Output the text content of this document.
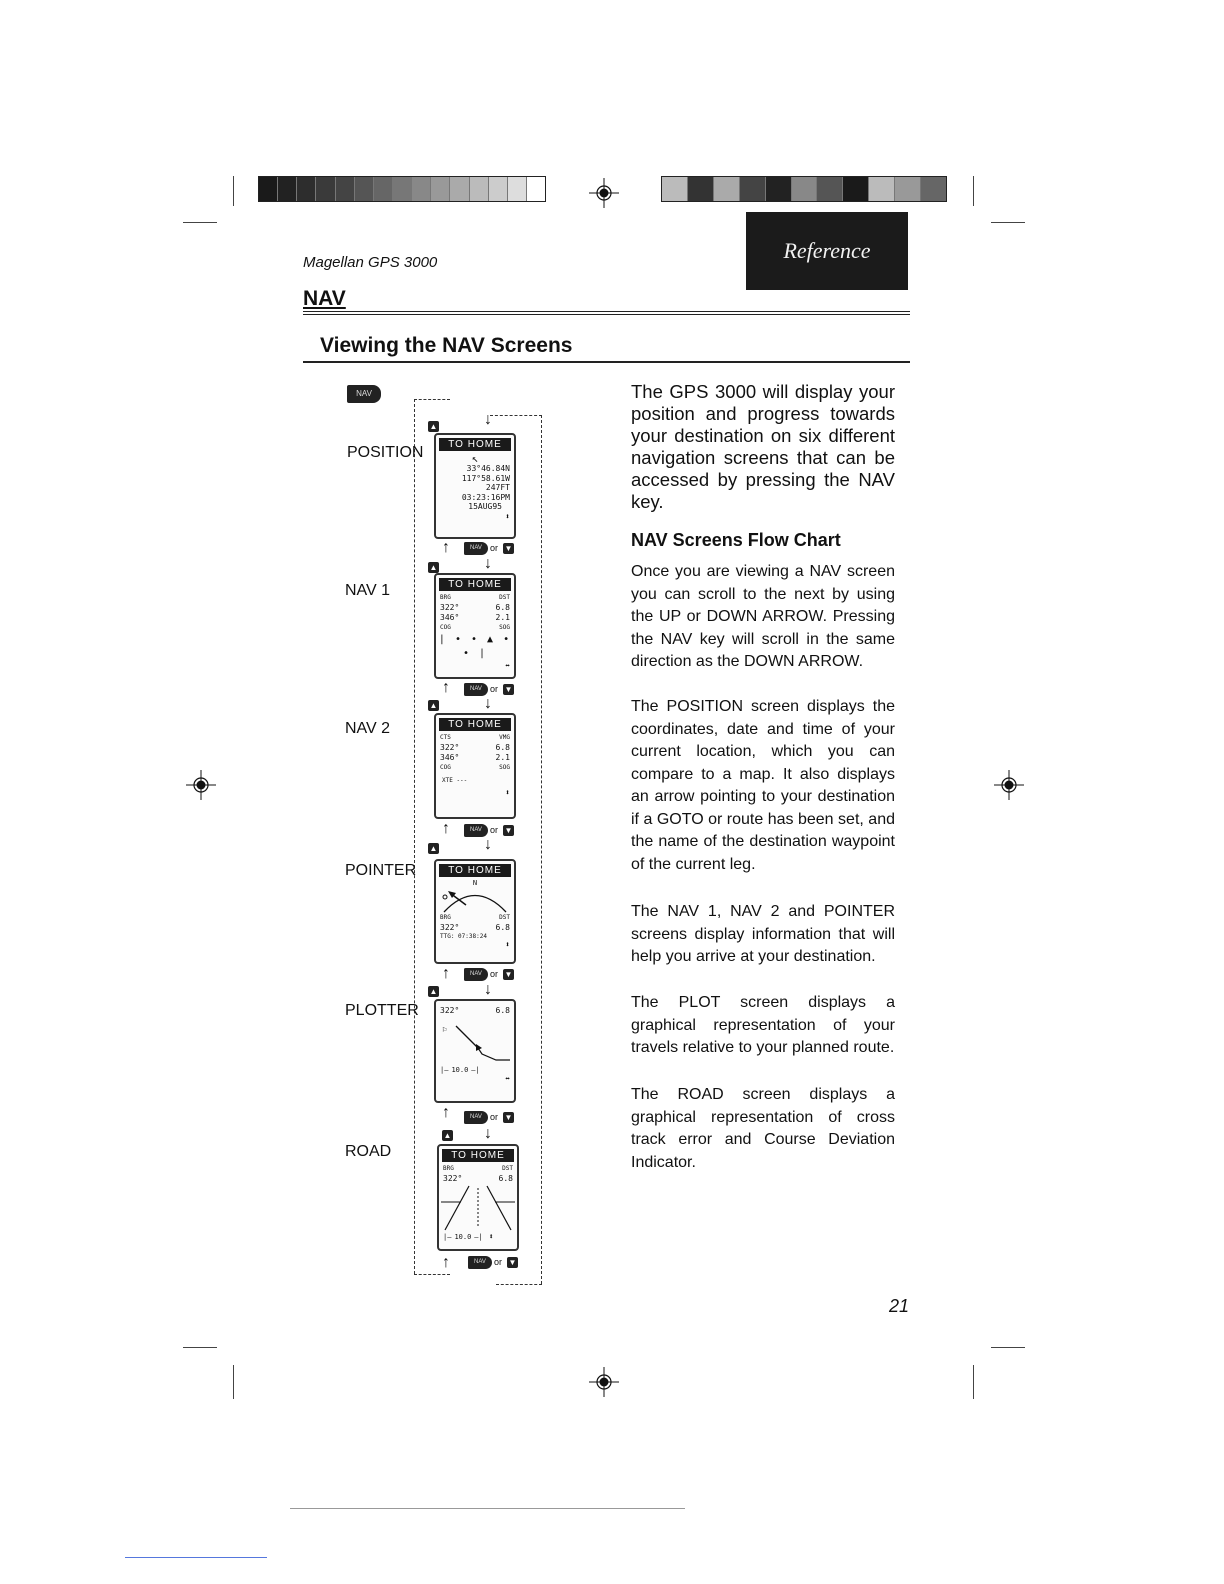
Magellan GPS 3000	Reference
NAV
Viewing the NAV Screens
NAV
POSITION
NAV 1
NAV 2
POINTER
PLOTTER
ROAD
▲	↓
TO HOME
↖
33°46.84N
117°58.61W
247FT
03:23:16PM
15AUG95
⬍
↑	NAV or ▼
▲	↓
TO HOME
BRG	DST
322°	6.8
346°	2.1
COG	SOG
| • • ▲ • • |
⬌
↑	NAV or ▼
▲	↓
TO HOME
CTS	VMG
322°	6.8
346°	2.1
COG	SOG
XTE ---
⬍
↑	NAV or ▼
▲	↓
TO HOME
N
BRG	DST
322°	6.8
TTG: 07:38:24
⬍
↑	NAV or ▼
▲	↓
322°	6.8
⚐
|— 10.0 —|
⬌
↑	NAV or ▼
▲ ↓
TO HOME
BRG	DST
322°	6.8
|— 10.0 —| ⬍
↑	NAV or ▼
The GPS 3000 will display your position and progress towards your destination on six different navigation screens that can be accessed by pressing the NAV key.
NAV Screens Flow Chart
Once you are viewing a NAV screen you can scroll to the next by using the UP or DOWN ARROW. Pressing the NAV key will scroll in the same direction as the DOWN ARROW.
The POSITION screen displays the coordinates, date and time of your current location, which you can compare to a map. It also displays an arrow pointing to your destination if a GOTO or route has been set, and the name of the destination waypoint of the current leg.
The NAV 1, NAV 2 and POINTER screens display information that will help you arrive at your destination.
The PLOT screen displays a graphical representation of your travels relative to your planned route.
The ROAD screen displays a graphical representation of cross track error and Course Deviation Indicator.
21
